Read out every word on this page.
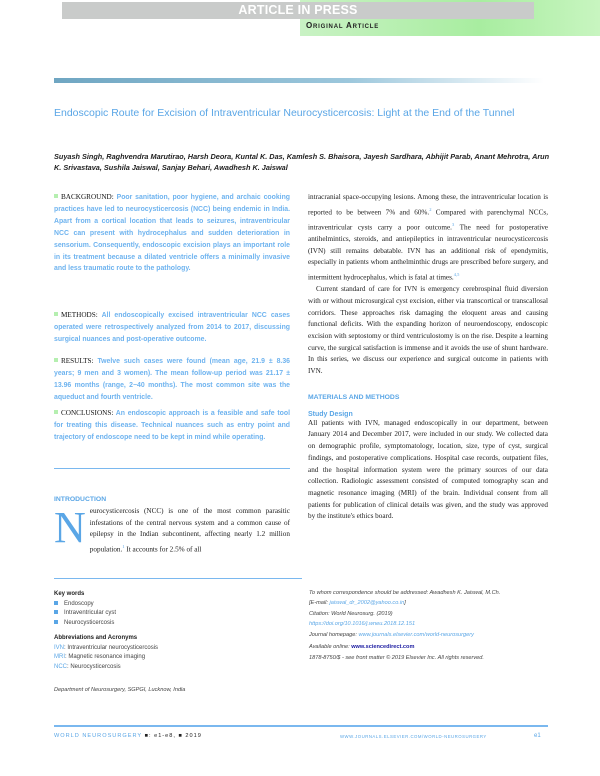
ARTICLE IN PRESS
Original Article
Endoscopic Route for Excision of Intraventricular Neurocysticercosis: Light at the End of the Tunnel
Suyash Singh, Raghvendra Marutirao, Harsh Deora, Kuntal K. Das, Kamlesh S. Bhaisora, Jayesh Sardhara, Abhijit Parab, Anant Mehrotra, Arun K. Srivastava, Sushila Jaiswal, Sanjay Behari, Awadhesh K. Jaiswal
BACKGROUND: Poor sanitation, poor hygiene, and archaic cooking practices have led to neurocysticercosis (NCC) being endemic in India. Apart from a cortical location that leads to seizures, intraventricular NCC can present with hydrocephalus and sudden deterioration in sensorium. Consequently, endoscopic excision plays an important role in its treatment because a dilated ventricle offers a minimally invasive and less traumatic route to the pathology.
METHODS: All endoscopically excised intraventricular NCC cases operated were retrospectively analyzed from 2014 to 2017, discussing surgical nuances and post-operative outcome.
RESULTS: Twelve such cases were found (mean age, 21.9 ± 8.36 years; 9 men and 3 women). The mean follow-up period was 21.17 ± 13.96 months (range, 2−40 months). The most common site was the aqueduct and fourth ventricle.
CONCLUSIONS: An endoscopic approach is a feasible and safe tool for treating this disease. Technical nuances such as entry point and trajectory of endoscope need to be kept in mind while operating.
INTRODUCTION
Neurocysticercosis (NCC) is one of the most common parasitic infestations of the central nervous system and a common cause of epilepsy in the Indian subcontinent, affecting nearly 1.2 million population.$^1$ It accounts for 2.5% of all
intracranial space-occupying lesions. Among these, the intraventricular location is reported to be between 7% and 60%.$^2$ Compared with parenchymal NCCs, intraventricular cysts carry a poor outcome.$^3$ The need for postoperative antihelmintics, steroids, and antiepileptics in intraventricular neurocysticercosis (IVN) still remains debatable. IVN has an additional risk of ependymitis, especially in patients whom anthelminthic drugs are prescribed before surgery, and intermittent hydrocephalus, which is fatal at times.$^{4,5}$

Current standard of care for IVN is emergency cerebrospinal fluid diversion with or without microsurgical cyst excision, either via transcortical or transcallosal corridors. These approaches risk damaging the eloquent areas and causing functional deficits. With the expanding horizon of neuroendoscopy, endoscopic excision with septostomy or third ventriculostomy is on the rise. Despite a learning curve, the surgical satisfaction is immense and it avoids the use of shunt hardware. In this series, we discuss our experience and surgical outcome in patients with IVN.

MATERIALS AND METHODS
Study Design
All patients with IVN, managed endoscopically in our department, between January 2014 and December 2017, were included in our study. We collected data on demographic profile, symptomatology, location, size, type of cyst, surgical findings, and postoperative complications. Hospital case records, outpatient files, and the hospital information system were the primary sources of our data collection. Radiologic assessment consisted of computed tomography scan and magnetic resonance imaging (MRI) of the brain. Individual consent from all patients for publication of clinical details was given, and the study was approved by the institute's ethics board.
Key words
Endoscopy
Intraventricular cyst
Neurocysticercosis
Abbreviations and Acronyms
IVN: Intraventricular neurocysticercosis
MRI: Magnetic resonance imaging
NCC: Neurocysticercosis
Department of Neurosurgery, SGPGI, Lucknow, India
To whom correspondence should be addressed: Awadhesh K. Jaiswal, M.Ch.
[E-mail: jaiswal_dr_2002@yahoo.co.in]
Citation: World Neurosurg. (2019)
https://doi.org/10.1016/j.wneu.2018.12.151
Journal homepage: www.journals.elsevier.com/world-neurosurgery
Available online: www.sciencedirect.com
1878-8750/$ - see front matter © 2019 Elsevier Inc. All rights reserved.
WORLD NEUROSURGERY ■: e1-e8, ■ 2019	WWW.JOURNALS.ELSEVIER.COM/WORLD-NEUROSURGERY	e1
